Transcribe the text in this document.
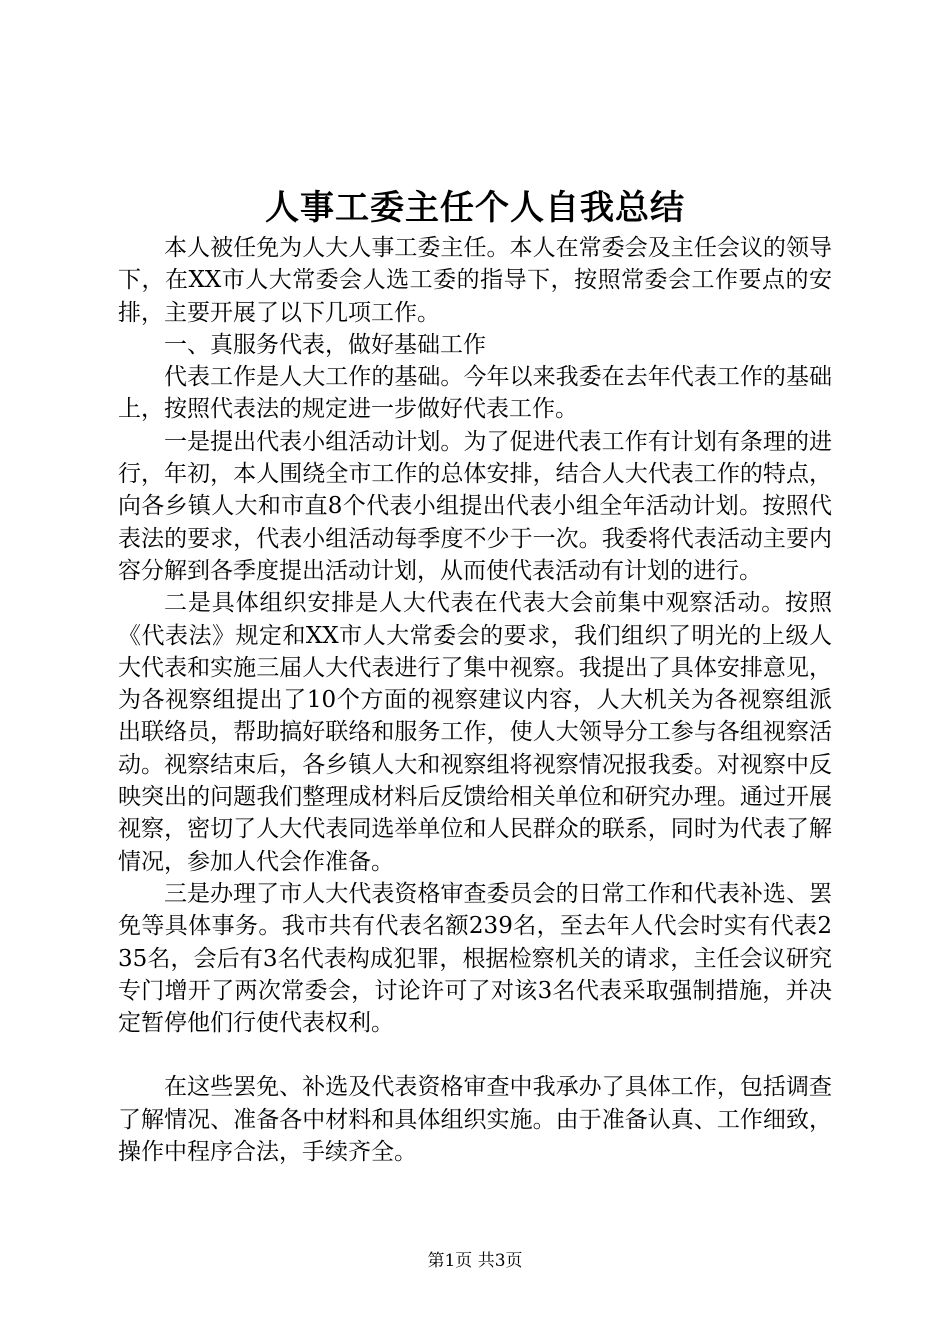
人事工委主任个人自我总结

本人被任免为人大人事工委主任。本人在常委会及主任会议的领导下，在XX市人大常委会人选工委的指导下，按照常委会工作要点的安排，主要开展了以下几项工作。

一、真服务代表，做好基础工作

代表工作是人大工作的基础。今年以来我委在去年代表工作的基础上，按照代表法的规定进一步做好代表工作。

一是提出代表小组活动计划。为了促进代表工作有计划有条理的进行，年初，本人围绕全市工作的总体安排，结合人大代表工作的特点，向各乡镇人大和市直8个代表小组提出代表小组全年活动计划。按照代表法的要求，代表小组活动每季度不少于一次。我委将代表活动主要内容分解到各季度提出活动计划，从而使代表活动有计划的进行。

二是具体组织安排是人大代表在代表大会前集中观察活动。按照《代表法》规定和XX市人大常委会的要求，我们组织了明光的上级人大代表和实施三届人大代表进行了集中视察。我提出了具体安排意见，为各视察组提出了10个方面的视察建议内容，人大机关为各视察组派出联络员，帮助搞好联络和服务工作，使人大领导分工参与各组视察活动。视察结束后，各乡镇人大和视察组将视察情况报我委。对视察中反映突出的问题我们整理成材料后反馈给相关单位和研究办理。通过开展视察，密切了人大代表同选举单位和人民群众的联系，同时为代表了解情况，参加人代会作准备。

三是办理了市人大代表资格审查委员会的日常工作和代表补选、罢免等具体事务。我市共有代表名额239名，至去年人代会时实有代表235名，会后有3名代表构成犯罪，根据检察机关的请求，主任会议研究专门增开了两次常委会，讨论许可了对该3名代表采取强制措施，并决定暂停他们行使代表权利。

在这些罢免、补选及代表资格审查中我承办了具体工作，包括调查了解情况、准备各中材料和具体组织实施。由于准备认真、工作细致，操作中程序合法，手续齐全。

第1页 共3页
